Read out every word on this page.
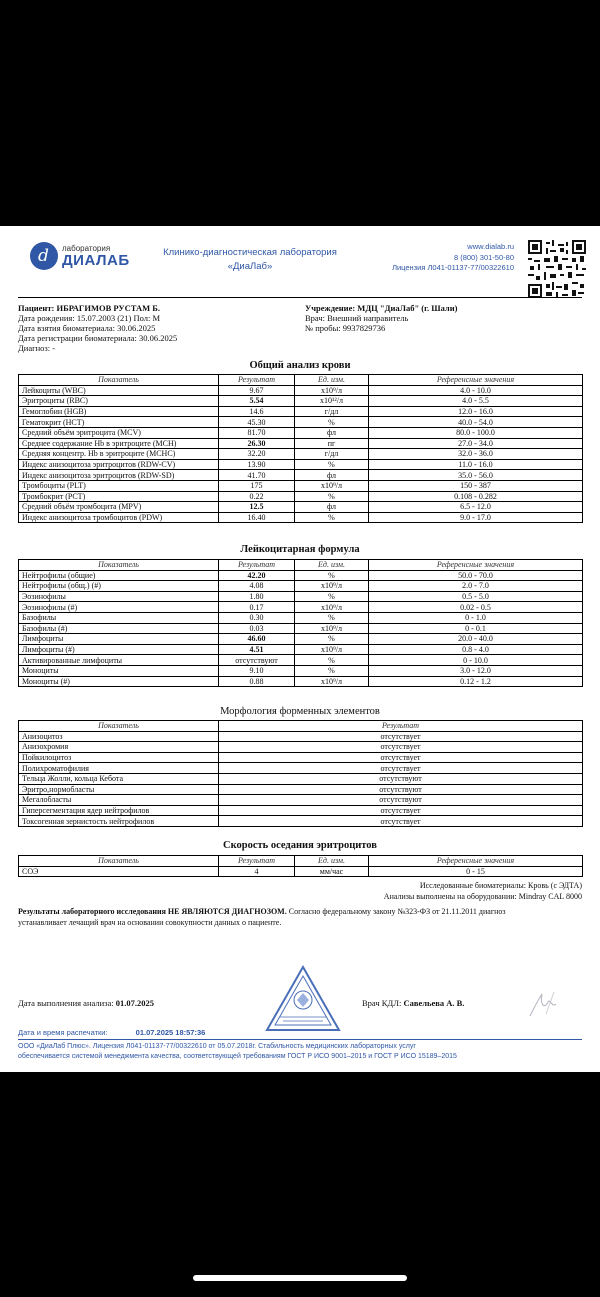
d лаборатория
ДИАЛАБ	Клинико-диагностическая лаборатория
«ДиаЛаб»
www.dialab.ru
8 (800) 301-50-80
Лицензия Л041-01137-77/00322610
Пациент: ИБРАГИМОВ РУСТАМ Б.
Дата рождения: 15.07.2003 (21) Пол: М
Дата взятия биоматериала: 30.06.2025
Дата регистрации биоматериала: 30.06.2025
Диагноз: -
Учреждение: МДЦ "ДиаЛаб" (г. Шали)
Врач: Внешний направитель
№ пробы: 9937829736
Общий анализ крови
Показатель	Результат	Ед. изм.	Референсные значения
Лейкоциты (WBC)	9.67	x10⁹/л	4.0 - 10.0
Эритроциты (RBC)	5.54	x10¹²/л	4.0 - 5.5
Гемоглобин (HGB)	14.6	г/дл	12.0 - 16.0
Гематокрит (HCT)	45.30	%	40.0 - 54.0
Средний объём эритроцита (MCV)	81.70	фл	80.0 - 100.0
Среднее содержание Hb в эритроците (MCH)	26.30	пг	27.0 - 34.0
Средняя концентр. Hb в эритроците (MCHC)	32.20	г/дл	32.0 - 36.0
Индекс анизоцитоза эритроцитов (RDW-CV)	13.90	%	11.0 - 16.0
Индекс анизоцитоза эритроцитов (RDW-SD)	41.70	фл	35.0 - 56.0
Тромбоциты (PLT)	175	x10⁹/л	150 - 387
Тромбокрит (PCT)	0.22	%	0.108 - 0.282
Средний объём тромбоцита (MPV)	12.5	фл	6.5 - 12.0
Индекс анизоцитоза тромбоцитов (PDW)	16.40	%	9.0 - 17.0
Лейкоцитарная формула
Показатель	Результат	Ед. изм.	Референсные значения
Нейтрофилы (общие)	42.20	%	50.0 - 70.0
Нейтрофилы (общ.) (#)	4.08	x10⁹/л	2.0 - 7.0
Эозинофилы	1.80	%	0.5 - 5.0
Эозинофилы (#)	0.17	x10⁹/л	0.02 - 0.5
Базофилы	0.30	%	0 - 1.0
Базофилы (#)	0.03	x10⁹/л	0 - 0.1
Лимфоциты	46.60	%	20.0 - 40.0
Лимфоциты (#)	4.51	x10⁹/л	0.8 - 4.0
Активированные лимфоциты	отсутствуют	%	0 - 10.0
Моноциты	9.10	%	3.0 - 12.0
Моноциты (#)	0.88	x10⁹/л	0.12 - 1.2
Морфология форменных элементов
Показатель	Результат
Анизоцитоз	отсутствует
Анизохромия	отсутствует
Пойкилоцитоз	отсутствует
Полихроматофилия	отсутствует
Тельца Жолли, кольца Кебота	отсутствуют
Эритро,нормобласты	отсутствуют
Мегалобласты	отсутствуют
Гиперсегментация ядер нейтрофилов	отсутствует
Токсогенная зернистость нейтрофилов	отсутствует
Скорость оседания эритроцитов
Показатель	Результат	Ед. изм.	Референсные значения
СОЭ	4	мм/час	0 - 15
Исследованные биоматериалы: Кровь (с ЭДТА)
Анализы выполнены на оборудовании: Mindray CAL 8000
Результаты лабораторного исследования НЕ ЯВЛЯЮТСЯ ДИАГНОЗОМ. Согласно федеральному закону №323-ФЗ от 21.11.2011 диагноз
устанавливает лечащий врач на основании совокупности данных о пациенте.
Дата выполнения анализа: 01.07.2025	Врач КДЛ: Савельева А. В.
Дата и время распечатки:	01.07.2025 18:57:36
ООО «ДиаЛаб Плюс». Лицензия Л041-01137-77/00322610 от 05.07.2018г. Стабильность медицинских лабораторных услуг
обеспечивается системой менеджмента качества, соответствующей требованиям ГОСТ Р ИСО 9001–2015 и ГОСТ Р ИСО 15189–2015
